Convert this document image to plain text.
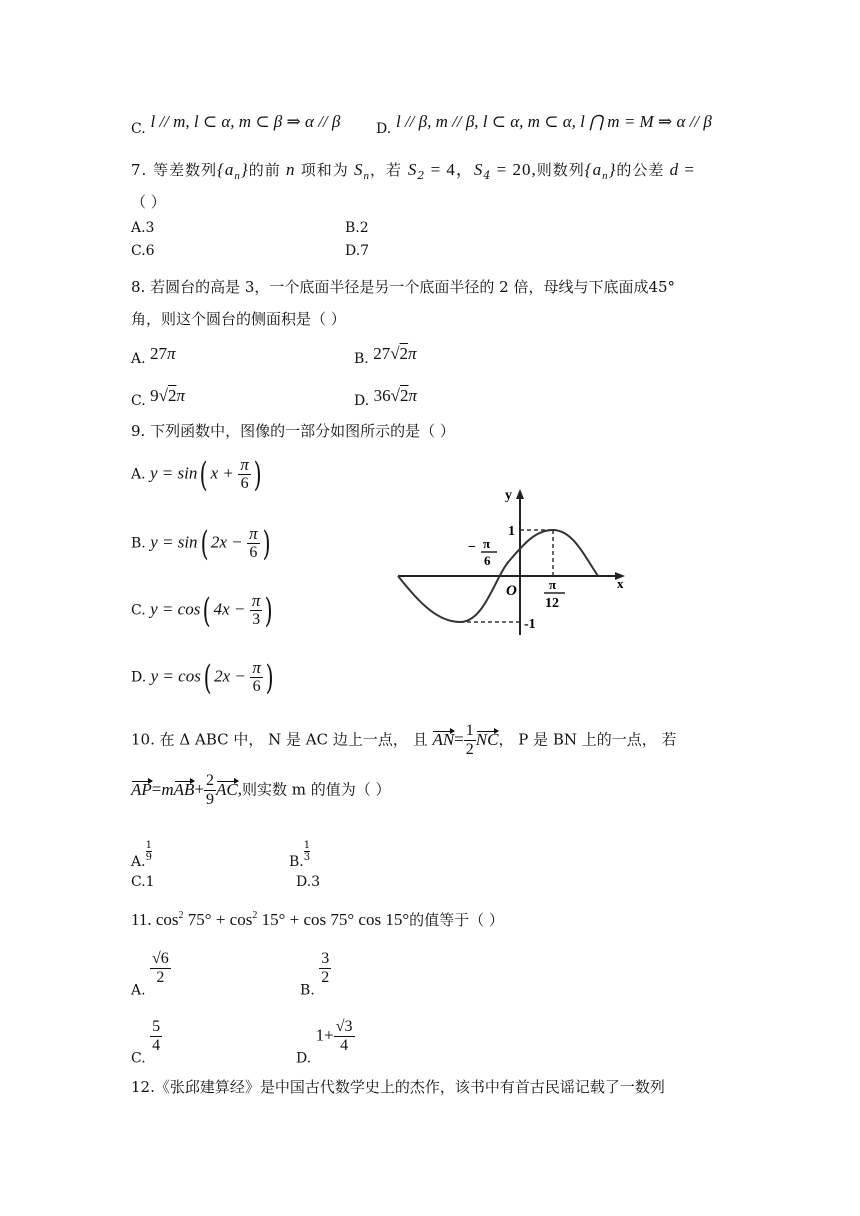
C. l // m, l ⊂ α, m ⊂ β ⇒ α // β	D. l // β, m // β, l ⊂ α, m ⊂ α, l ⋂ m = M ⇒ α // β
7. 等差数列$\{a_n\}$的前 n 项和为 $S_n$，若 $S_2 = 4$，$S_4 = 20$,则数列$\{a_n\}$的公差 d =
（ ）
A.3	B.2
C.6	D.7
8. 若圆台的高是 3，一个底面半径是另一个底面半径的 2 倍，母线与下底面成45°
角，则这个圆台的侧面积是（ ）
A. 27π	B. 27√2π
C. 9√2π	D. 36√2π
9. 下列函数中，图像的一部分如图所示的是（ ）
A. y = sin( $x + \frac{\pi}{6}$ )
B. y = sin( $2x - \frac{\pi}{6}$ )
C. y = cos( $4x - \frac{\pi}{3}$ )
D. y = cos( $2x - \frac{\pi}{6}$ )
y
x
O
1
-1
− π
6
π
12
10. 在 Δ ABC 中， N 是 AC 边上一点， 且 $AN= \frac{1}{2}$ NC， P 是 BN 上的一点， 若
$AP=mAB+ \frac{2}{9}$ AC,则实数 m 的值为（ ）
A. $\frac{1}{9}$	B. $\frac{1}{3}$
C.1	D.3
11. $\cos^2 75^\circ + \cos^2 15^\circ + \cos 75^\circ$ cos 15°的值等于（ ）
A.
$\frac{√6}{2}$
B.
$\frac{3}{2}$
C.
$\frac{5}{4}$
D. $1+ \frac{√3}{4}$
12.《张邱建算经》是中国古代数学史上的杰作，该书中有首古民谣记载了一数列
